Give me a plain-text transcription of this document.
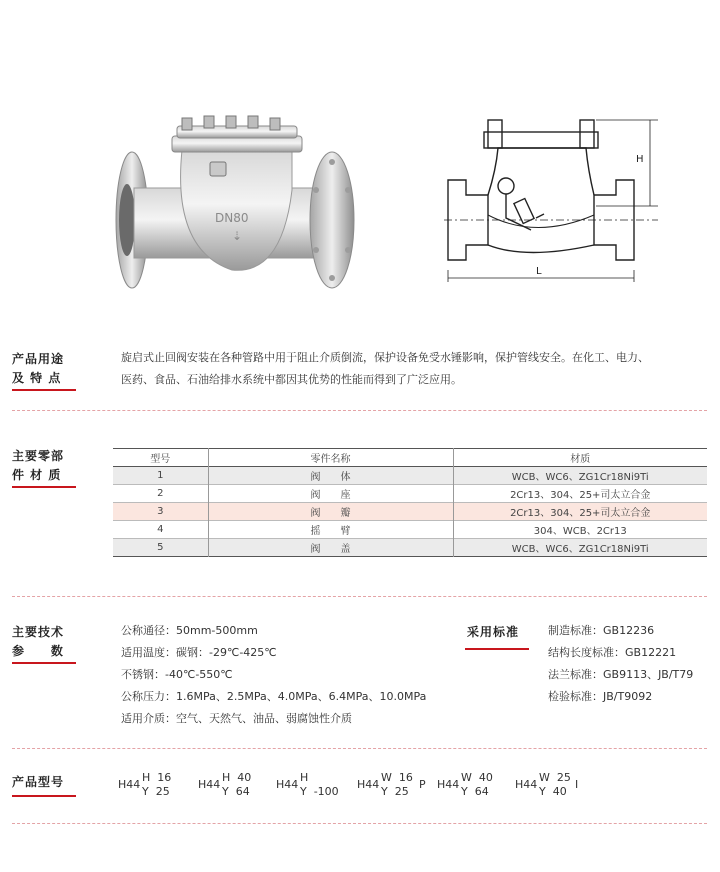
DN80
⇣
H
L
产品用途
及 特 点
旋启式止回阀安装在各种管路中用于阻止介质倒流，保护设备免受水锤影响，保护管线安全。在化工、电力、
医药、食品、石油给排水系统中都因其优势的性能而得到了广泛应用。
主要零部
件 材 质
型号	零件名称	材质
1	阀　　体	WCB、WC6、ZG1Cr18Ni9Ti
2	阀　　座	2Cr13、304、25+司太立合金
3	阀　　瓣	2Cr13、304、25+司太立合金
4	摇　　臂	304、WCB、2Cr13
5	阀　　盖	WCB、WC6、ZG1Cr18Ni9Ti
主要技术
参     数
公称通径：50mm-500mm
适用温度：碳钢：-29℃-425℃
不锈钢：-40℃-550℃
公称压力：1.6MPa、2.5MPa、4.0MPa、6.4MPa、10.0MPa
适用介质：空气、天然气、油品、弱腐蚀性介质
采用标准	制造标准：GB12236
结构长度标准：GB12221
法兰标准：GB9113、JB/T79
检验标准：JB/T9092
产品型号	H44
H  16
Y  25
H44
H  40
Y  64
H44
H
Y  -100
H44
W  16
Y  25
P H44
W  40
Y  64
H44
W  25
Y  40
I
